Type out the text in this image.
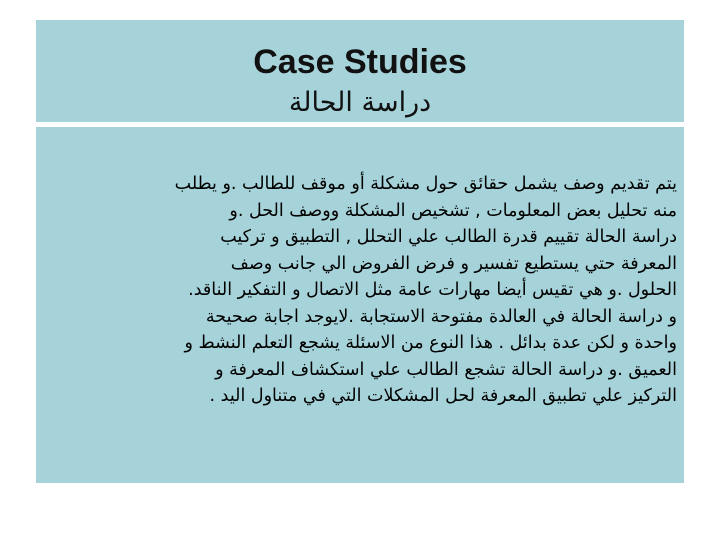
Case Studies
دراسة الحالة
يتم تقديم وصف يشمل حقائق حول مشكلة أو موقف للطالب .و يطلب
منه تحليل بعض المعلومات , تشخيص المشكلة ووصف الحل .و
دراسة الحالة تقييم قدرة الطالب علي التحلل , التطبيق و تركيب
المعرفة حتي يستطيع تفسير و فرض الفروض الي جانب وصف
الحلول .و هي تقيس أيضا مهارات عامة مثل الاتصال و التفكير الناقد.
و دراسة الحالة في العالدة مفتوحة الاستجابة .لايوجد اجابة صحيحة
واحدة و لكن عدة بدائل . هذا النوع من الاسئلة يشجع التعلم النشط و
العميق .و دراسة الحالة تشجع الطالب علي استكشاف المعرفة و
التركيز علي تطبيق المعرفة لحل المشكلات التي في متناول اليد .
